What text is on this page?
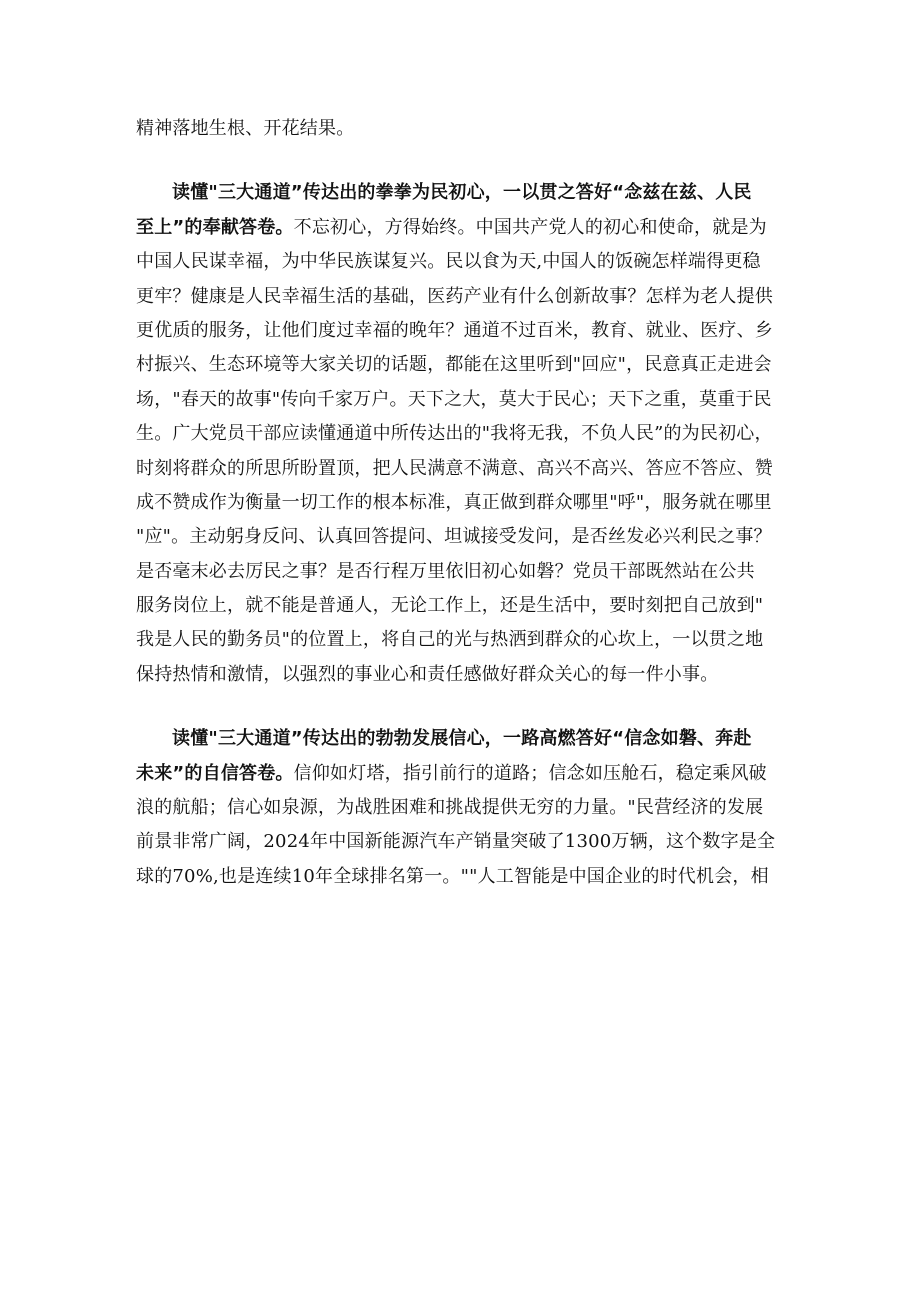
精神落地生根、开花结果。
读懂"三大通道”传达出的拳拳为民初心，一以贯之答好“念兹在兹、人民
至上”的奉献答卷。不忘初心，方得始终。中国共产党人的初心和使命，就是为
中国人民谋幸福，为中华民族谋复兴。民以食为天,中国人的饭碗怎样端得更稳
更牢？健康是人民幸福生活的基础，医药产业有什么创新故事？怎样为老人提供
更优质的服务，让他们度过幸福的晚年？通道不过百米，教育、就业、医疗、乡
村振兴、生态环境等大家关切的话题，都能在这里听到"回应"，民意真正走进会
场，"春天的故事"传向千家万户。天下之大，莫大于民心；天下之重，莫重于民
生。广大党员干部应读懂通道中所传达出的"我将无我，不负人民”的为民初心，
时刻将群众的所思所盼置顶，把人民满意不满意、高兴不高兴、答应不答应、赞
成不赞成作为衡量一切工作的根本标准，真正做到群众哪里"呼"，服务就在哪里
"应"。主动躬身反问、认真回答提问、坦诚接受发问，是否丝发必兴利民之事？
是否毫末必去厉民之事？是否行程万里依旧初心如磐？党员干部既然站在公共
服务岗位上，就不能是普通人，无论工作上，还是生活中，要时刻把自己放到"
我是人民的勤务员"的位置上，将自己的光与热洒到群众的心坎上，一以贯之地
保持热情和激情，以强烈的事业心和责任感做好群众关心的每一件小事。
读懂"三大通道”传达出的勃勃发展信心，一路高燃答好“信念如磐、奔赴
未来”的自信答卷。信仰如灯塔，指引前行的道路；信念如压舱石，稳定乘风破
浪的航船；信心如泉源，为战胜困难和挑战提供无穷的力量。"民营经济的发展
前景非常广阔，2024年中国新能源汽车产销量突破了1300万辆，这个数字是全
球的70%,也是连续10年全球排名第一。""人工智能是中国企业的时代机会，相
